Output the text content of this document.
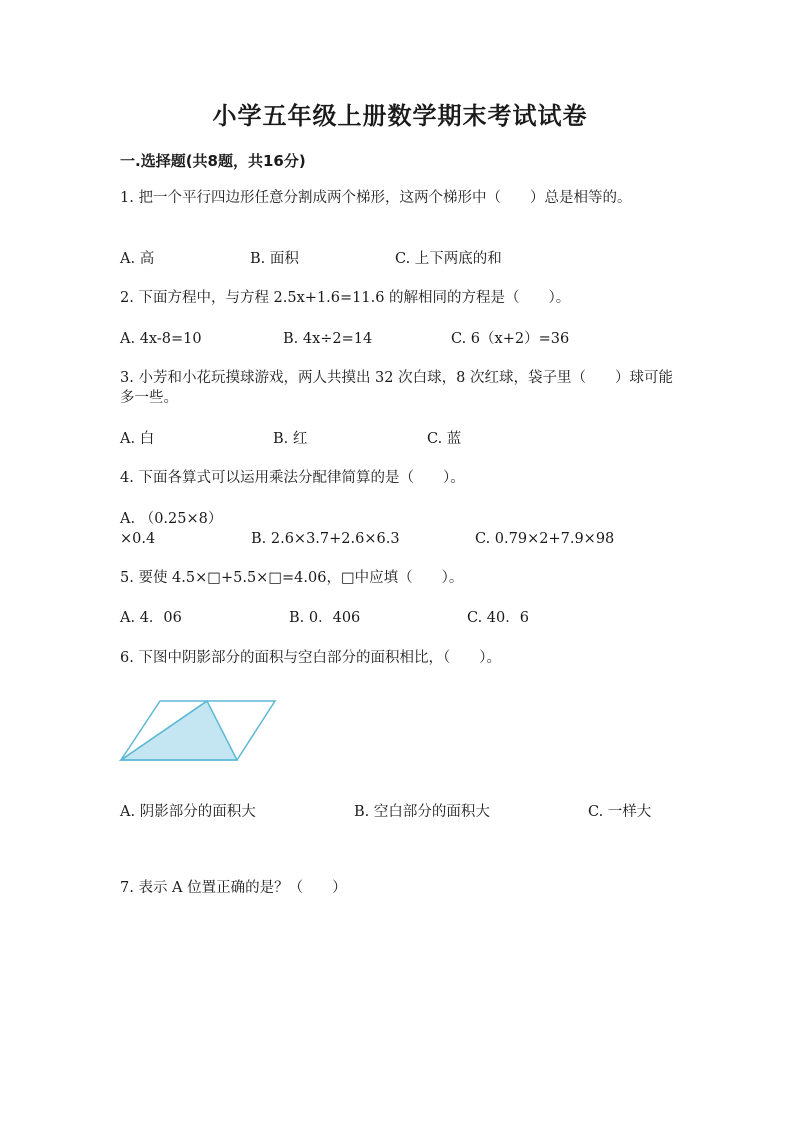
小学五年级上册数学期末考试试卷
一.选择题(共8题，共16分)
1. 把一个平行四边形任意分割成两个梯形，这两个梯形中（　　）总是相等的。
A. 高	B. 面积	C. 上下两底的和
2. 下面方程中，与方程 2.5x+1.6=11.6 的解相同的方程是（　　）。
A. 4x-8=10	B. 4x÷2=14	C. 6（x+2）=36
3. 小芳和小花玩摸球游戏，两人共摸出 32 次白球，8 次红球，袋子里（　　）球可能多一些。
A. 白	B. 红	C. 蓝
4. 下面各算式可以运用乘法分配律简算的是（　　）。
A. （0.25×8）
×0.4	B. 2.6×3.7+2.6×6.3	C. 0.79×2+7.9×98
5. 要使 4.5×□+5.5×□=4.06，□中应填（　　）。
A. 4．06	B. 0．406	C. 40．6
6. 下图中阴影部分的面积与空白部分的面积相比，（　　）。
A. 阴影部分的面积大	B. 空白部分的面积大	C. 一样大
7. 表示 A 位置正确的是？（　　）
